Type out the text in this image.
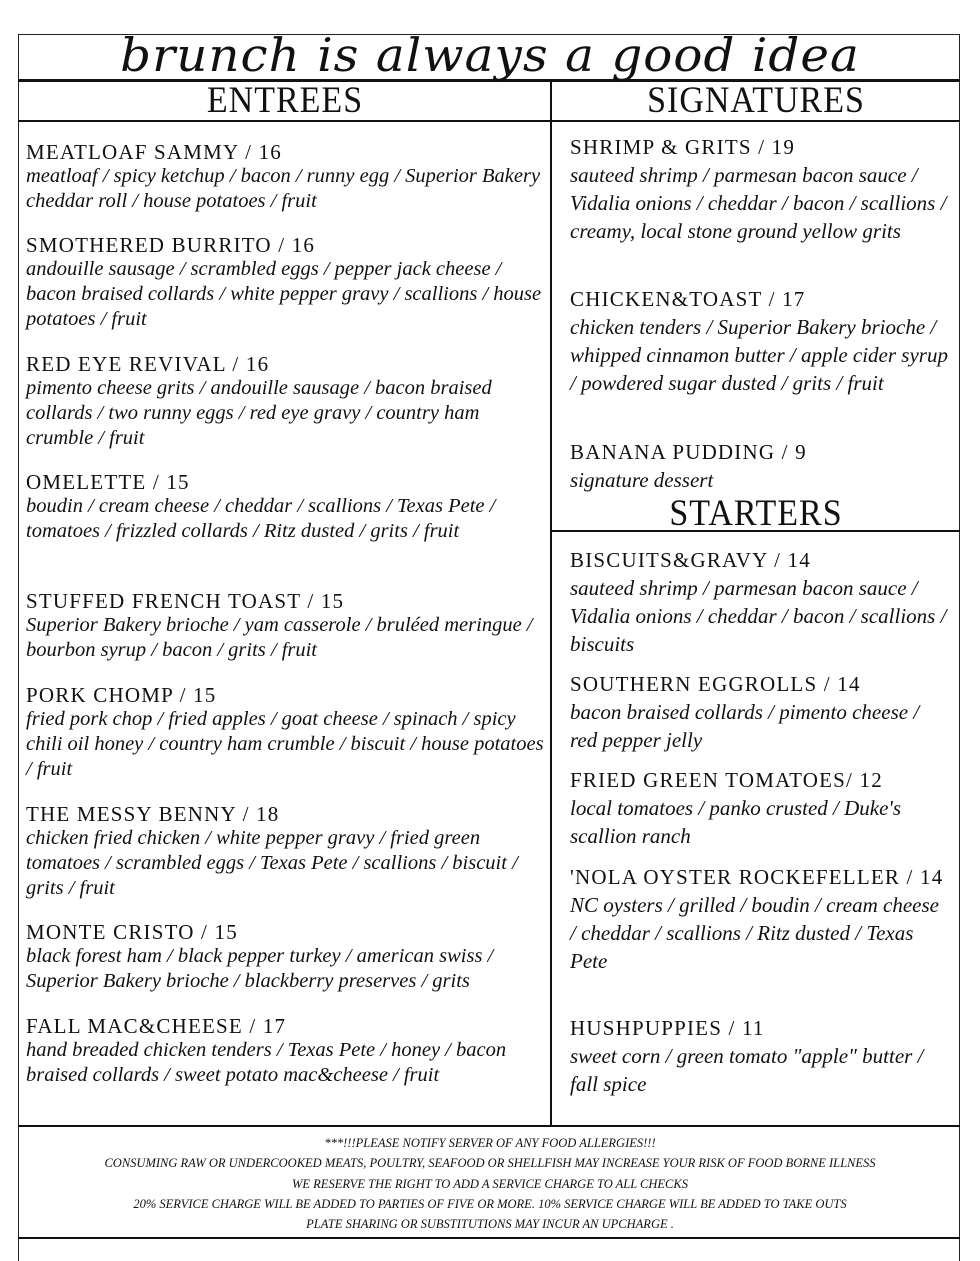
brunch is always a good idea
ENTREES	SIGNATURES
STARTERS
MEATLOAF SAMMY / 16
meatloaf / spicy ketchup / bacon / runny egg / Superior Bakery cheddar roll / house potatoes / fruit
SMOTHERED BURRITO / 16
andouille sausage / scrambled eggs / pepper jack cheese / bacon braised collards / white pepper gravy / scallions / house potatoes / fruit
RED EYE REVIVAL / 16
pimento cheese grits / andouille sausage / bacon braised collards / two runny eggs / red eye gravy / country ham crumble / fruit
OMELETTE / 15
boudin / cream cheese / cheddar / scallions / Texas Pete / tomatoes / frizzled collards / Ritz dusted / grits / fruit
STUFFED FRENCH TOAST / 15
Superior Bakery brioche / yam casserole / bruléed meringue / bourbon syrup / bacon / grits / fruit
PORK CHOMP / 15
fried pork chop / fried apples / goat cheese / spinach / spicy chili oil honey / country ham crumble / biscuit / house potatoes / fruit
THE MESSY BENNY / 18
chicken fried chicken / white pepper gravy / fried green tomatoes / scrambled eggs / Texas Pete / scallions / biscuit / grits / fruit
MONTE CRISTO / 15
black forest ham / black pepper turkey / american swiss / Superior Bakery brioche / blackberry preserves / grits
FALL MAC&CHEESE / 17
hand breaded chicken tenders / Texas Pete / honey / bacon braised collards / sweet potato mac&cheese / fruit
SHRIMP & GRITS / 19
sauteed shrimp / parmesan bacon sauce / Vidalia onions / cheddar / bacon / scallions / creamy, local stone ground yellow grits
CHICKEN&TOAST / 17
chicken tenders / Superior Bakery brioche / whipped cinnamon butter / apple cider syrup / powdered sugar dusted / grits / fruit
BANANA PUDDING / 9
signature dessert
BISCUITS&GRAVY / 14
sauteed shrimp / parmesan bacon sauce / Vidalia onions / cheddar / bacon / scallions / biscuits
SOUTHERN EGGROLLS / 14
bacon braised collards / pimento cheese / red pepper jelly
FRIED GREEN TOMATOES/ 12
local tomatoes / panko crusted / Duke's scallion ranch
'NOLA OYSTER ROCKEFELLER / 14
NC oysters / grilled / boudin / cream cheese / cheddar / scallions / Ritz dusted / Texas Pete
HUSHPUPPIES / 11
sweet corn / green tomato "apple" butter / fall spice
***!!!PLEASE NOTIFY SERVER OF ANY FOOD ALLERGIES!!!
CONSUMING RAW OR UNDERCOOKED MEATS, POULTRY, SEAFOOD OR SHELLFISH MAY INCREASE YOUR RISK OF FOOD BORNE ILLNESS
WE RESERVE THE RIGHT TO ADD A SERVICE CHARGE TO ALL CHECKS
20% SERVICE CHARGE WILL BE ADDED TO PARTIES OF FIVE OR MORE. 10% SERVICE CHARGE WILL BE ADDED TO TAKE OUTS
PLATE SHARING OR SUBSTITUTIONS MAY INCUR AN UPCHARGE .
